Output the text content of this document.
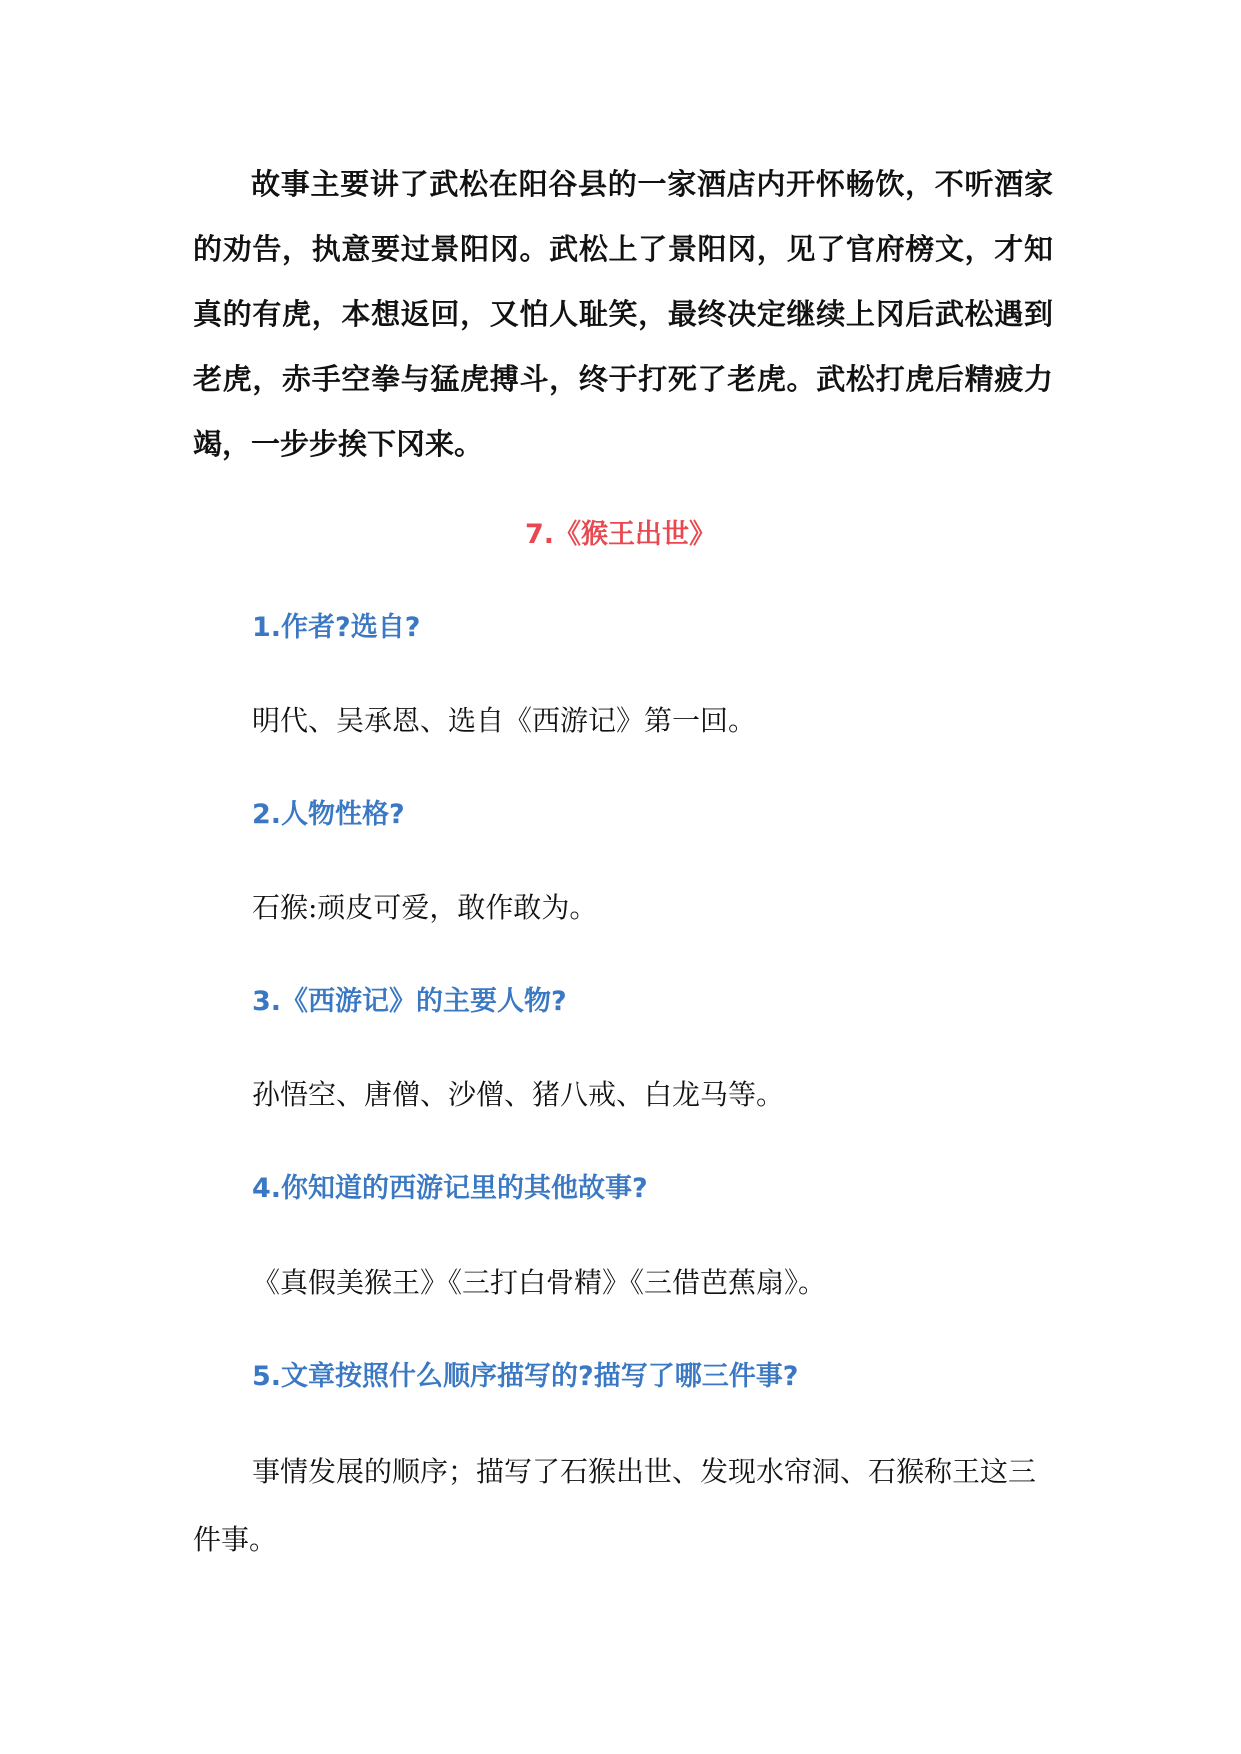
故事主要讲了武松在阳谷县的一家酒店内开怀畅饮，不听酒家的劝告，执意要过景阳冈。武松上了景阳冈，见了官府榜文，才知真的有虎，本想返回，又怕人耻笑，最终决定继续上冈后武松遇到老虎，赤手空拳与猛虎搏斗，终于打死了老虎。武松打虎后精疲力竭，一步步挨下冈来。

7.《猴王出世》

1.作者?选自?

明代、吴承恩、选自《西游记》第一回。

2.人物性格?

石猴:顽皮可爱，敢作敢为。

3.《西游记》的主要人物?

孙悟空、唐僧、沙僧、猪八戒、白龙马等。

4.你知道的西游记里的其他故事?

《真假美猴王》《三打白骨精》《三借芭蕉扇》。

5.文章按照什么顺序描写的?描写了哪三件事?

事情发展的顺序；描写了石猴出世、发现水帘洞、石猴称王这三件事。
